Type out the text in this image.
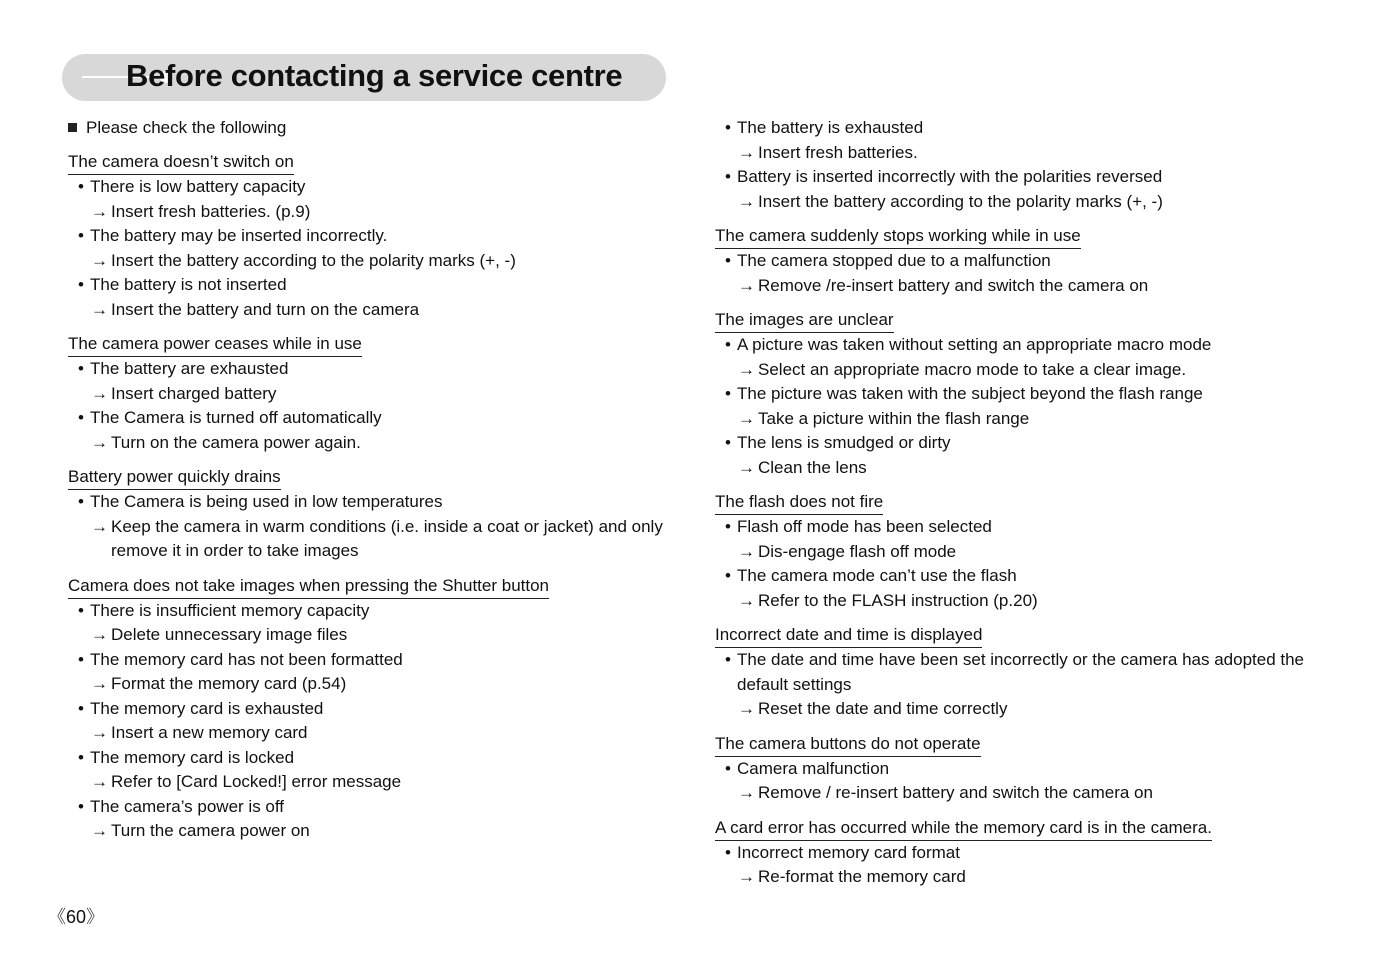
Before contacting a service centre
Please check the following
The camera doesn’t switch on
• There is low battery capacity
→ Insert fresh batteries. (p.9)
• The battery may be inserted incorrectly.
→ Insert the battery according to the polarity marks (+, -)
• The battery is not inserted
→ Insert the battery and turn on the camera
The camera power ceases while in use
• The battery are exhausted
→ Insert charged battery
• The Camera is turned off automatically
→ Turn on the camera power again.
Battery power quickly drains
• The Camera is being used in low temperatures
→ Keep the camera in warm conditions (i.e. inside a coat or jacket) and only remove it in order to take images
Camera does not take images when pressing the Shutter button
• There is insufficient memory capacity
→ Delete unnecessary image files
• The memory card has not been formatted
→ Format the memory card (p.54)
• The memory card is exhausted
→ Insert a new memory card
• The memory card is locked
→ Refer to [Card Locked!] error message
• The camera’s power is off
→ Turn the camera power on
• The battery is exhausted
→ Insert fresh batteries.
• Battery is inserted incorrectly with the polarities reversed
→ Insert the battery according to the polarity marks (+, -)
The camera suddenly stops working while in use
• The camera stopped due to a malfunction
→ Remove /re-insert battery and switch the camera on
The images are unclear
• A picture was taken without setting an appropriate macro mode
→ Select an appropriate macro mode to take a clear image.
• The picture was taken with the subject beyond the flash range
→ Take a picture within the flash range
• The lens is smudged or dirty
→ Clean the lens
The flash does not fire
• Flash off mode has been selected
→ Dis-engage flash off mode
• The camera mode can’t use the flash
→ Refer to the FLASH instruction (p.20)
Incorrect date and time is displayed
• The date and time have been set incorrectly or the camera has adopted the default settings
→ Reset the date and time correctly
The camera buttons do not operate
• Camera malfunction
→ Remove / re-insert battery and switch the camera on
A card error has occurred while the memory card is in the camera.
• Incorrect memory card format
→ Re-format the memory card
《60》
